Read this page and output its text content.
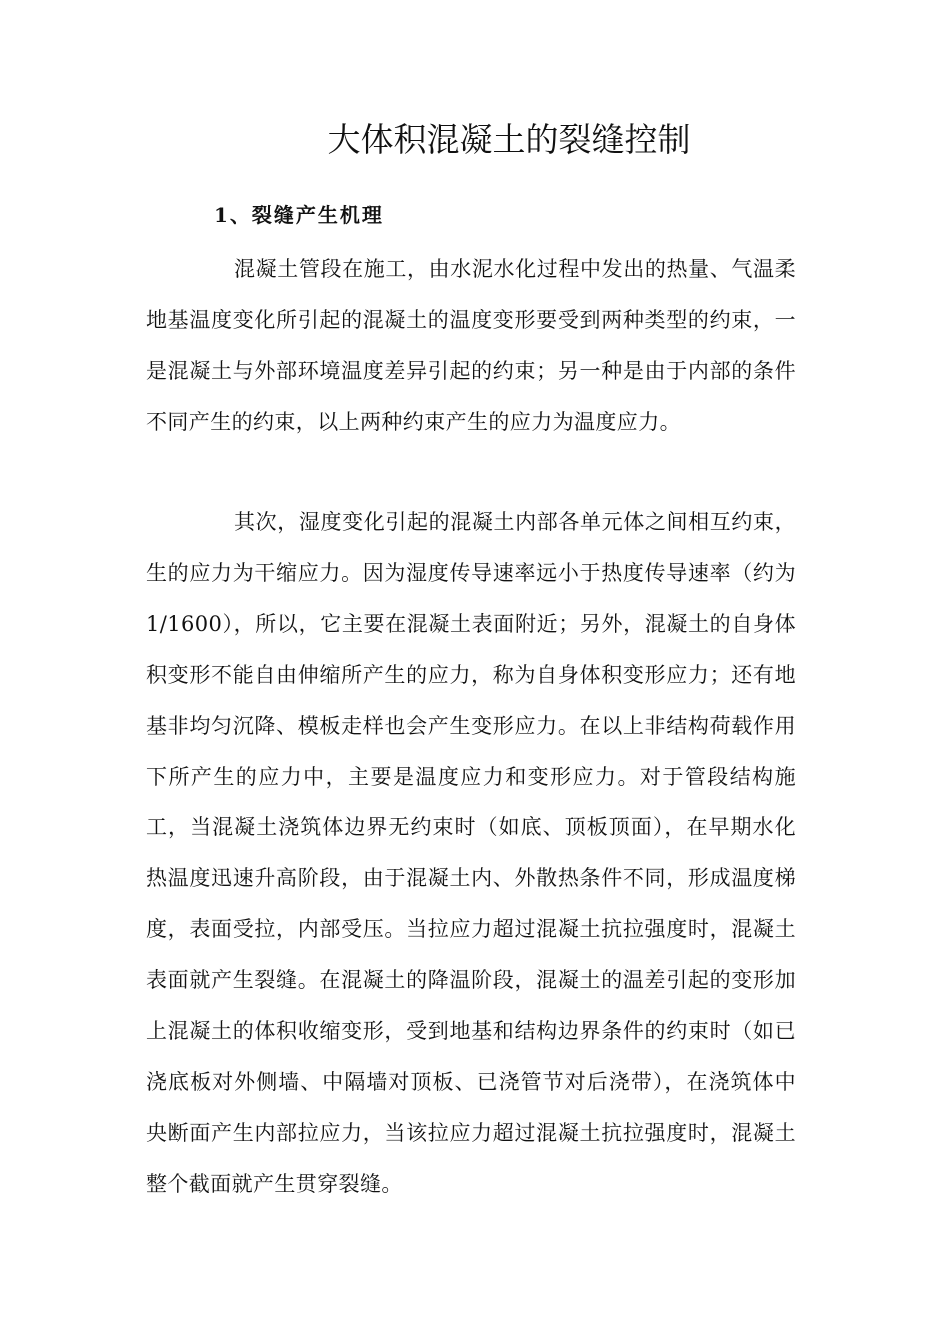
大体积混凝土的裂缝控制
1、裂缝产生机理

混凝土管段在施工，由水泥水化过程中发出的热量、气温柔地基温度变化所引起的混凝土的温度变形要受到两种类型的约束，一是混凝土与外部环境温度差异引起的约束；另一种是由于内部的条件不同产生的约束，以上两种约束产生的应力为温度应力。

其次，湿度变化引起的混凝土内部各单元体之间相互约束，生的应力为干缩应力。因为湿度传导速率远小于热度传导速率（约为1/1600），所以，它主要在混凝土表面附近；另外，混凝土的自身体积变形不能自由伸缩所产生的应力，称为自身体积变形应力；还有地基非均匀沉降、模板走样也会产生变形应力。在以上非结构荷载作用下所产生的应力中，主要是温度应力和变形应力。对于管段结构施工，当混凝土浇筑体边界无约束时（如底、顶板顶面），在早期水化热温度迅速升高阶段，由于混凝土内、外散热条件不同，形成温度梯度，表面受拉，内部受压。当拉应力超过混凝土抗拉强度时，混凝土表面就产生裂缝。在混凝土的降温阶段，混凝土的温差引起的变形加上混凝土的体积收缩变形，受到地基和结构边界条件的约束时（如已浇底板对外侧墙、中隔墙对顶板、已浇管节对后浇带），在浇筑体中央断面产生内部拉应力，当该拉应力超过混凝土抗拉强度时，混凝土整个截面就产生贯穿裂缝。
